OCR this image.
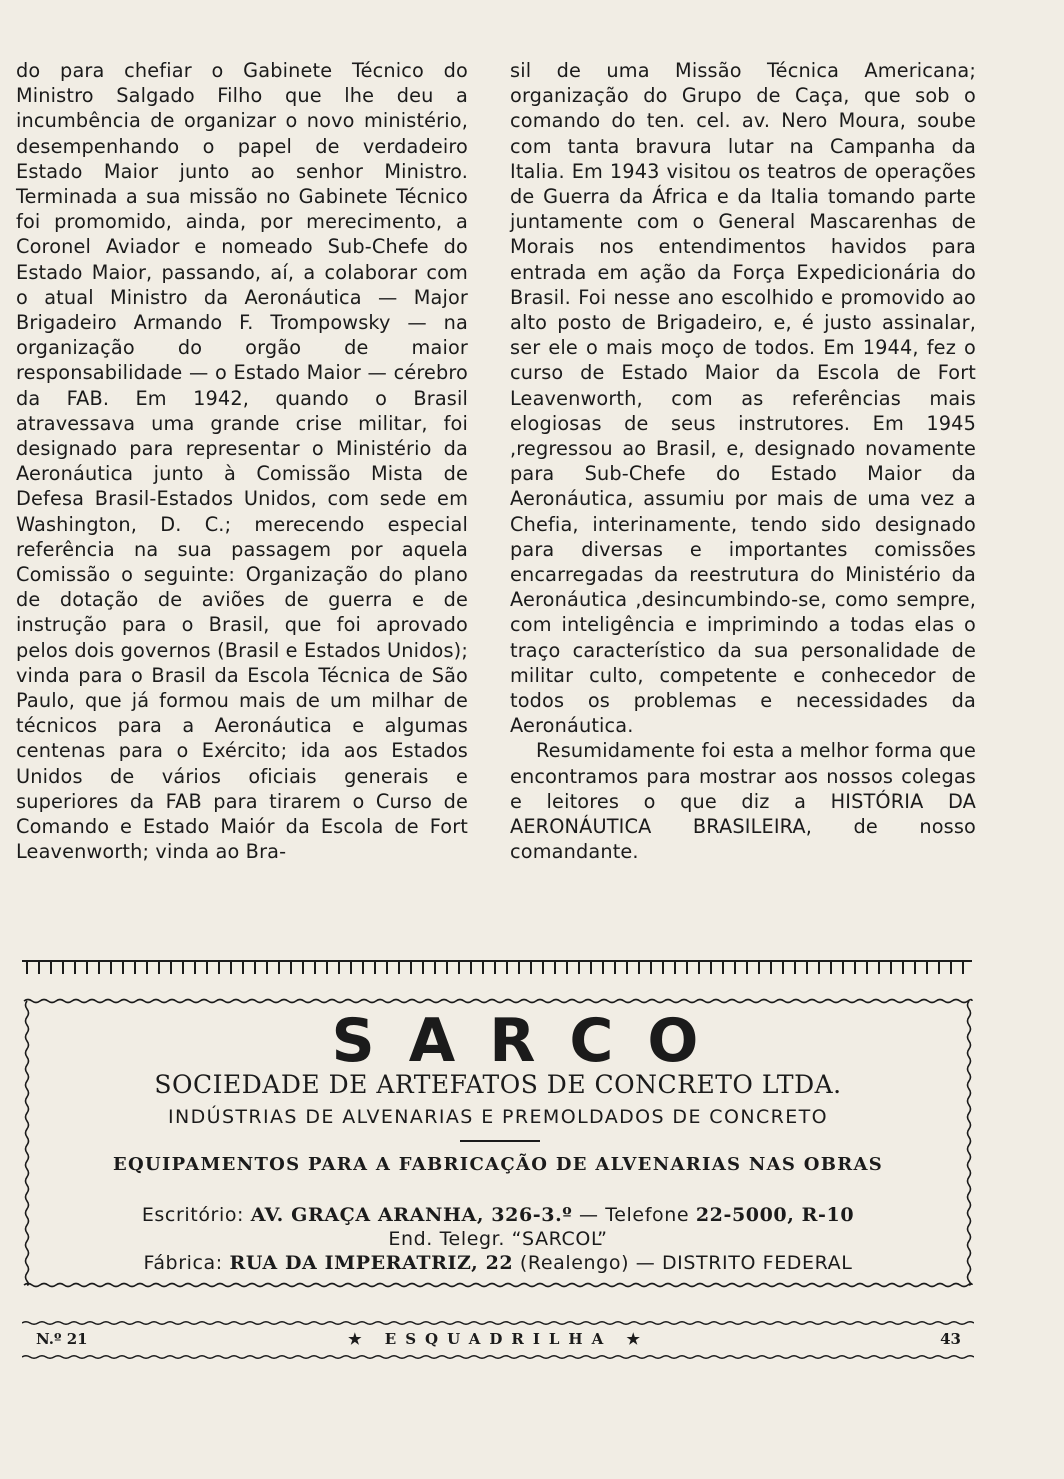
do para chefiar o Gabinete Técnico do Ministro Salgado Filho que lhe deu a incumbência de organizar o novo ministério, desempenhando o papel de verdadeiro Estado Maior junto ao senhor Ministro. Terminada a sua missão no Gabinete Técnico foi promomido, ainda, por merecimento, a Coronel Aviador e nomeado Sub-Chefe do Estado Maior, passando, aí, a colaborar com o atual Ministro da Aeronáutica — Major Brigadeiro Armando F. Trompowsky — na organização do orgão de maior responsabilidade — o Estado Maior — cérebro da FAB. Em 1942, quando o Brasil atravessava uma grande crise militar, foi designado para representar o Ministério da Aeronáutica junto à Comissão Mista de Defesa Brasil-Estados Unidos, com sede em Washington, D. C.; merecendo especial referência na sua passagem por aquela Comissão o seguinte: Organização do plano de dotação de aviões de guerra e de instrução para o Brasil, que foi aprovado pelos dois governos (Brasil e Estados Unidos); vinda para o Brasil da Escola Técnica de São Paulo, que já formou mais de um milhar de técnicos para a Aeronáutica e algumas centenas para o Exército; ida aos Estados Unidos de vários oficiais generais e superiores da FAB para tirarem o Curso de Comando e Estado Maiór da Escola de Fort Leavenworth; vinda ao Bra-

sil de uma Missão Técnica Americana; organização do Grupo de Caça, que sob o comando do ten. cel. av. Nero Moura, soube com tanta bravura lutar na Campanha da Italia. Em 1943 visitou os teatros de operações de Guerra da África e da Italia tomando parte juntamente com o General Mascarenhas de Morais nos entendimentos havidos para entrada em ação da Força Expedicionária do Brasil. Foi nesse ano escolhido e promovido ao alto posto de Brigadeiro, e, é justo assinalar, ser ele o mais moço de todos. Em 1944, fez o curso de Estado Maior da Escola de Fort Leavenworth, com as referências mais elogiosas de seus instrutores. Em 1945 ,regressou ao Brasil, e, designado novamente para Sub-Chefe do Estado Maior da Aeronáutica, assumiu por mais de uma vez a Chefia, interinamente, tendo sido designado para diversas e importantes comissões encarregadas da reestrutura do Ministério da Aeronáutica ,desincumbindo-se, como sempre, com inteligência e imprimindo a todas elas o traço característico da sua personalidade de militar culto, competente e conhecedor de todos os problemas e necessidades da Aeronáutica.

Resumidamente foi esta a melhor forma que encontramos para mostrar aos nossos colegas e leitores o que diz a HISTÓRIA DA AERONÁUTICA BRASILEIRA, de nosso comandante.

SARCO
SOCIEDADE DE ARTEFATOS DE CONCRETO LTDA.
INDÚSTRIAS DE ALVENARIAS E PREMOLDADOS DE CONCRETO
EQUIPAMENTOS PARA A FABRICAÇÃO DE ALVENARIAS NAS OBRAS
Escritório: AV. GRAÇA ARANHA, 326-3.º — Telefone 22-5000, R-10
End. Telegr. “SARCOL”
Fábrica: RUA DA IMPERATRIZ, 22 (Realengo) — DISTRITO FEDERAL
N.º 21	★ ESQUADRILHA ★	43
